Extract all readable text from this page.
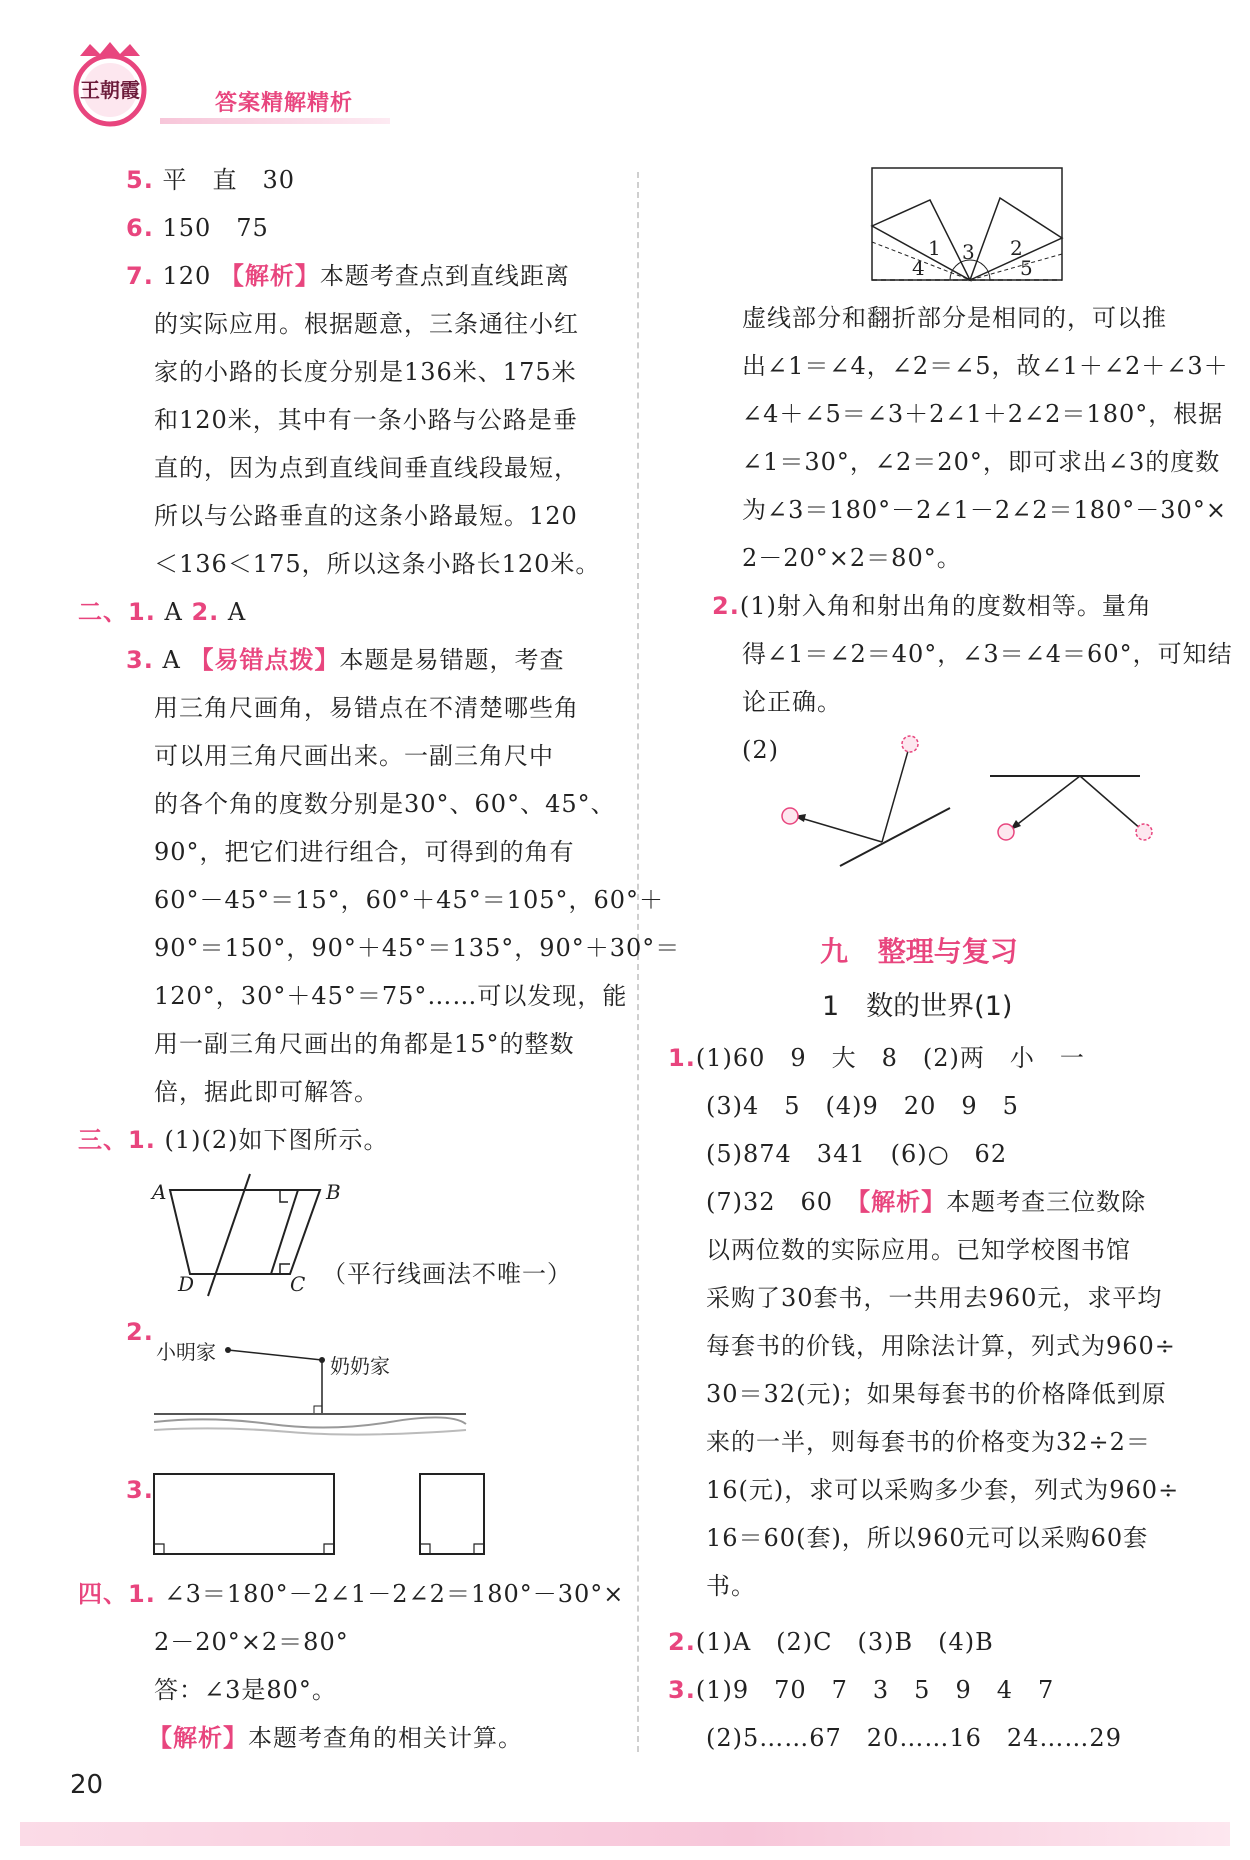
王朝霞
答案精解精析
5. 平　直　30
6. 150　75
7. 120 【解析】本题考查点到直线距离
的实际应用。根据题意，三条通往小红
家的小路的长度分别是136米、175米
和120米，其中有一条小路与公路是垂
直的，因为点到直线间垂直线段最短，
所以与公路垂直的这条小路最短。120
＜136＜175，所以这条小路长120米。
二、1. A 2. A
3. A 【易错点拨】本题是易错题，考查
用三角尺画角，易错点在不清楚哪些角
可以用三角尺画出来。一副三角尺中
的各个角的度数分别是30°、60°、45°、
90°，把它们进行组合，可得到的角有
60°－45°＝15°，60°＋45°＝105°，60°＋
90°＝150°，90°＋45°＝135°，90°＋30°＝
120°，30°＋45°＝75°……可以发现，能
用一副三角尺画出的角都是15°的整数
倍，据此即可解答。
三、1. (1)(2)如下图所示。
A	B
C
D	（平行线画法不唯一）
2.
小明家
奶奶家
3.
四、1. ∠3＝180°－2∠1－2∠2＝180°－30°×
2－20°×2＝80°
答：∠3是80°。
【解析】本题考查角的相关计算。
1 3 2
4	5
虚线部分和翻折部分是相同的，可以推
出∠1＝∠4，∠2＝∠5，故∠1＋∠2＋∠3＋
∠4＋∠5＝∠3＋2∠1＋2∠2＝180°，根据
∠1＝30°，∠2＝20°，即可求出∠3的度数
为∠3＝180°－2∠1－2∠2＝180°－30°×
2－20°×2＝80°。
2.(1)射入角和射出角的度数相等。量角
得∠1＝∠2＝40°，∠3＝∠4＝60°，可知结
论正确。
(2)
九 整理与复习
1　数的世界(1)
1.(1)60　9　大　8　(2)两　小　一
(3)4　5　(4)9　20　9　5
(5)874　341　(6)○　62
(7)32　60　【解析】本题考查三位数除
以两位数的实际应用。已知学校图书馆
采购了30套书，一共用去960元，求平均
每套书的价钱，用除法计算，列式为960÷
30＝32(元)；如果每套书的价格降低到原
来的一半，则每套书的价格变为32÷2＝
16(元)，求可以采购多少套，列式为960÷
16＝60(套)，所以960元可以采购60套
书。
2.(1)A　(2)C　(3)B　(4)B
3.(1)9　70　7　3　5　9　4　7
(2)5……67　20……16　24……29
20
